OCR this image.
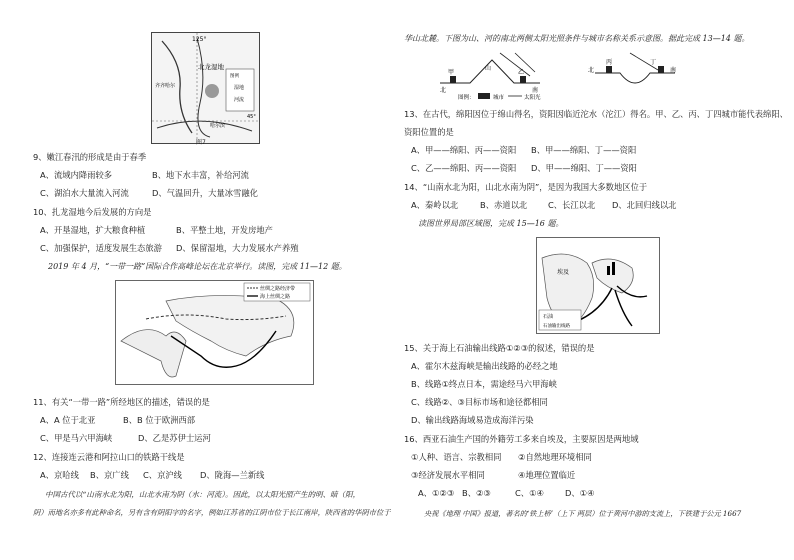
125°
45°
北龙湿地
齐齐哈尔
哈尔滨
图例
湿地
河流
图7
9、嫩江春汛的形成是由于春季
A、流域内降雨较多	B、地下水丰富，补给河流
C、湖泊水大量流入河流	D、气温回升，大量冰雪融化
10、扎龙湿地今后发展的方向是
A、开垦湿地，扩大粮食种植	B、平整土地，开发房地产
C、加强保护，适度发展生态旅游 D、保留湿地，大力发展水产养殖
2019 年 4 月，“一带一路”国际合作高峰论坛在北京举行。读图，完成 11—12 题。
丝绸之路经济带
海上丝绸之路
11、有关“一带一路”所经地区的描述，错误的是
A、A 位于北亚	B、B 位于欧洲西部
C、甲是马六甲海峡	D、乙是苏伊士运河
12、连接连云港和阿拉山口的铁路干线是
A、京哈线 B、京广线 C、京沪线 D、陇海—兰新线
中国古代以“山南水北为阳，山北水南为阴（水：河流）。因此，以太阳光照产生的明、暗（阳，
阴）而地名亦多有此种命名，另有含有阴阳字的名字，例如江苏省的江阴市位于长江南岸，陕西省的华阴市位于
华山北麓。下图为山、河的南北两侧太阳光照条件与城市名称关系示意图。据此完成 13—14 题。
北
甲
山
乙
南
北
丙	丁
南
图例：	城市	太阳光
13、在古代，绵阳因位于绵山得名，资阳因临近沱水（沱江）得名。甲、乙、丙、丁四城市能代表绵阳、
资阳位置的是
A、甲——绵阳、丙——资阳 B、甲——绵阳、丁——资阳
C、乙——绵阳、丙——资阳 D、甲——绵阳、丁——资阳
14、“山南水北为阳，山北水南为阴”，是因为我国大多数地区位于
A、秦岭以北	B、赤道以北	C、长江以北 D、北回归线以北
读图世界局部区域图，完成 15—16 题。
埃及
石油
石油输出线路
15、关于海上石油输出线路①②③的叙述，错误的是
A、霍尔木兹海峡是输出线路的必经之地
B、线路①终点日本，需途经马六甲海峡
C、线路②、③目标市场和途径都相同
D、输出线路海域易造成海洋污染
16、西亚石油生产国的外籍劳工多来自埃及，主要原因是两地域
①人种、语言、宗教相同 ②自然地理环境相同
③经济发展水平相同	④地理位置临近
A、①②③ B、②③	C、①④	D、①④
央视《地理 中国》报道，著名的‘铁上桥’（上下 两层）位于黄河中游的支流上，下铁建于公元 1667
